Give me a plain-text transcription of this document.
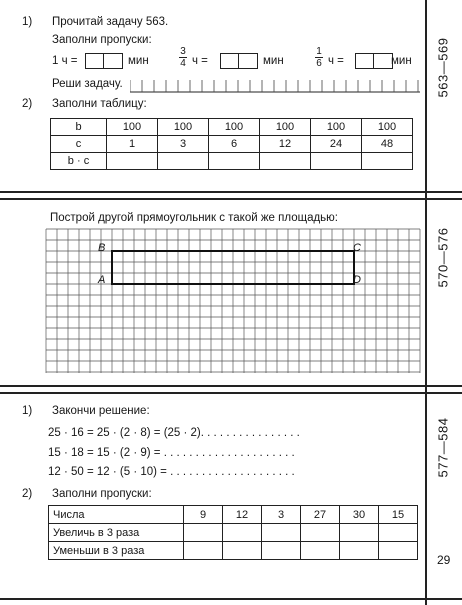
563—569
570—576
577—584
1) Прочитай задачу 563.
Заполни пропуски:
1 ч =	мин
3
4 ч =	мин
1
6 ч =	мин
Реши задачу.
2) Заполни таблицу:
b	100	100	100	100	100	100
c	1	3	6	12	24	48
b · c						
Построй другой прямоугольник с такой же площадью:
B	C
A	D
1) Закончи решение:
25 · 16 = 25 · (2 · 8) = (25 · 2). . . . . . . . . . . . . . . .
15 · 18 = 15 · (2 · 9) = . . . . . . . . . . . . . . . . . . . . .
12 · 50 = 12 · (5 · 10) = . . . . . . . . . . . . . . . . . . . .
2) Заполни пропуски:
Числа	9	12	3	27	30	15
Увеличь в 3 раза						
Уменьши в 3 раза						
29
